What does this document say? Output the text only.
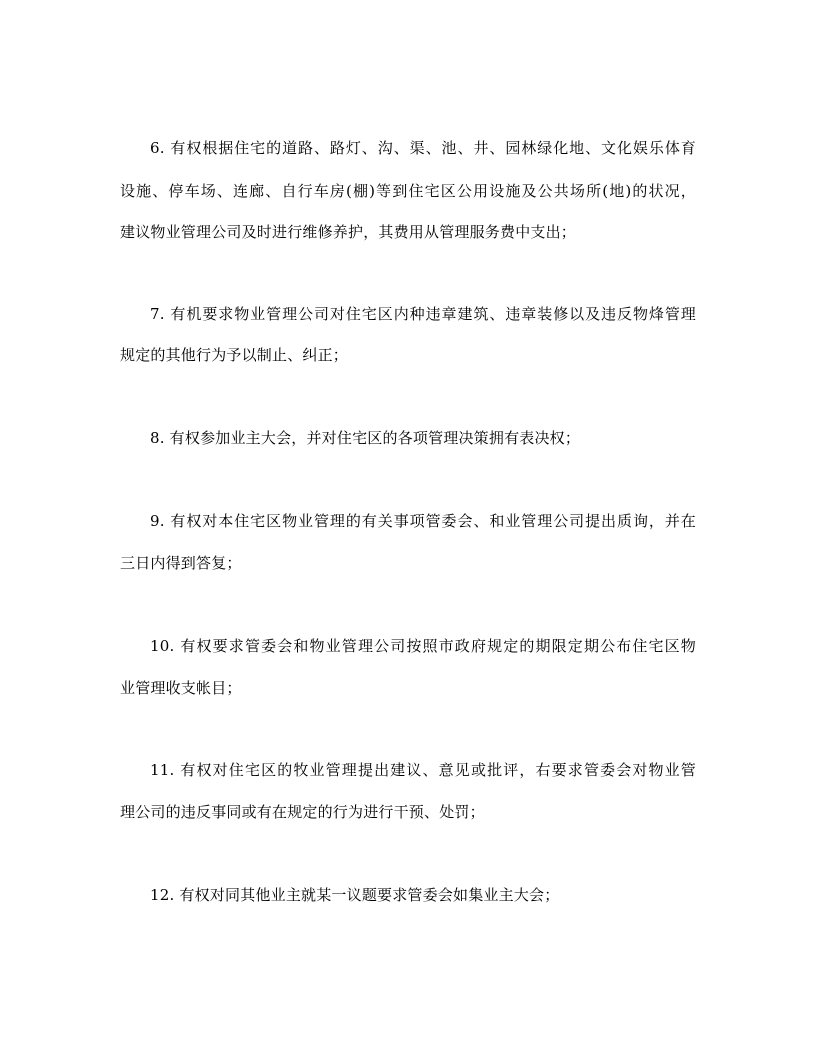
6. 有权根据住宅的道路、路灯、沟、渠、池、井、园林绿化地、文化娱乐体育
设施、停车场、连廊、自行车房(棚)等到住宅区公用设施及公共场所(地)的状况，
建议物业管理公司及时进行维修养护，其费用从管理服务费中支出；
7. 有机要求物业管理公司对住宅区内种违章建筑、违章装修以及违反物烽管理
规定的其他行为予以制止、纠正；
8. 有权参加业主大会，并对住宅区的各项管理决策拥有表决权；
9. 有权对本住宅区物业管理的有关事项管委会、和业管理公司提出质询，并在
三日内得到答复；
10. 有权要求管委会和物业管理公司按照市政府规定的期限定期公布住宅区物
业管理收支帐目；
11. 有权对住宅区的牧业管理提出建议、意见或批评，右要求管委会对物业管
理公司的违反事同或有在规定的行为进行干预、处罚；
12. 有权对同其他业主就某一议题要求管委会如集业主大会；
